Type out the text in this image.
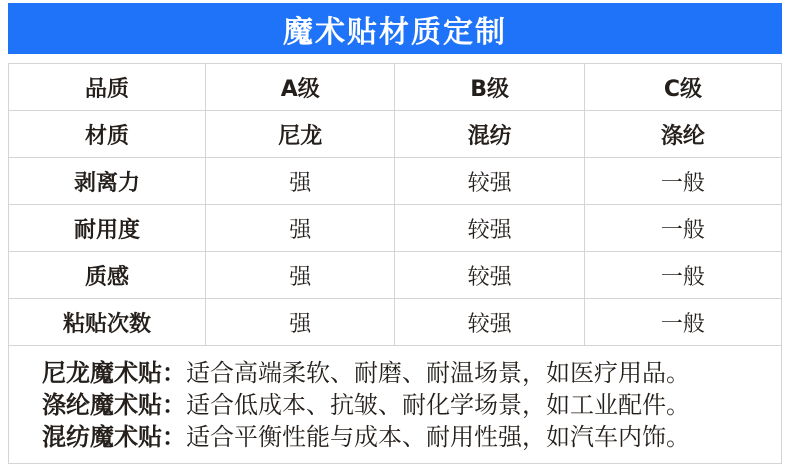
魔术贴材质定制
品质	A级	B级	C级
材质	尼龙	混纺	涤纶
剥离力	强	较强	一般
耐用度	强	较强	一般
质感	强	较强	一般
粘贴次数	强	较强	一般
尼龙魔术贴：适合高端柔软、耐磨、耐温场景，如医疗用品。
涤纶魔术贴：适合低成本、抗皱、耐化学场景，如工业配件。
混纺魔术贴：适合平衡性能与成本、耐用性强，如汽车内饰。
